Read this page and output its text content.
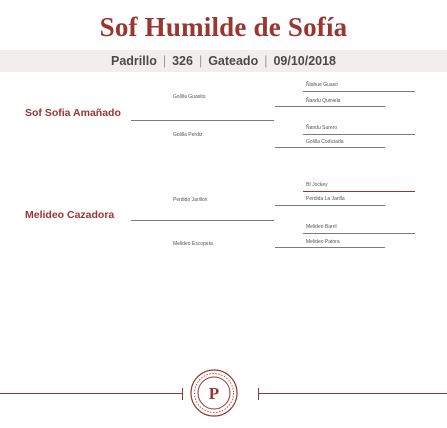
Sof Humilde de Sofía
Padrillo | 326 | Gateado | 09/10/2018
Sof Sofia Amañado
Melideo Cazadora
Golilla Guasito
Golilla Perdiz
Perdido Jarillon
Melideo Escopeta
Ñiahue Guaso
Ñandu Quiniela
Ñandu Surero
Golilla Codiciada
Bt Jockey
Perdida La Jarilla
Melideo Barril
Melideo Patora
P
